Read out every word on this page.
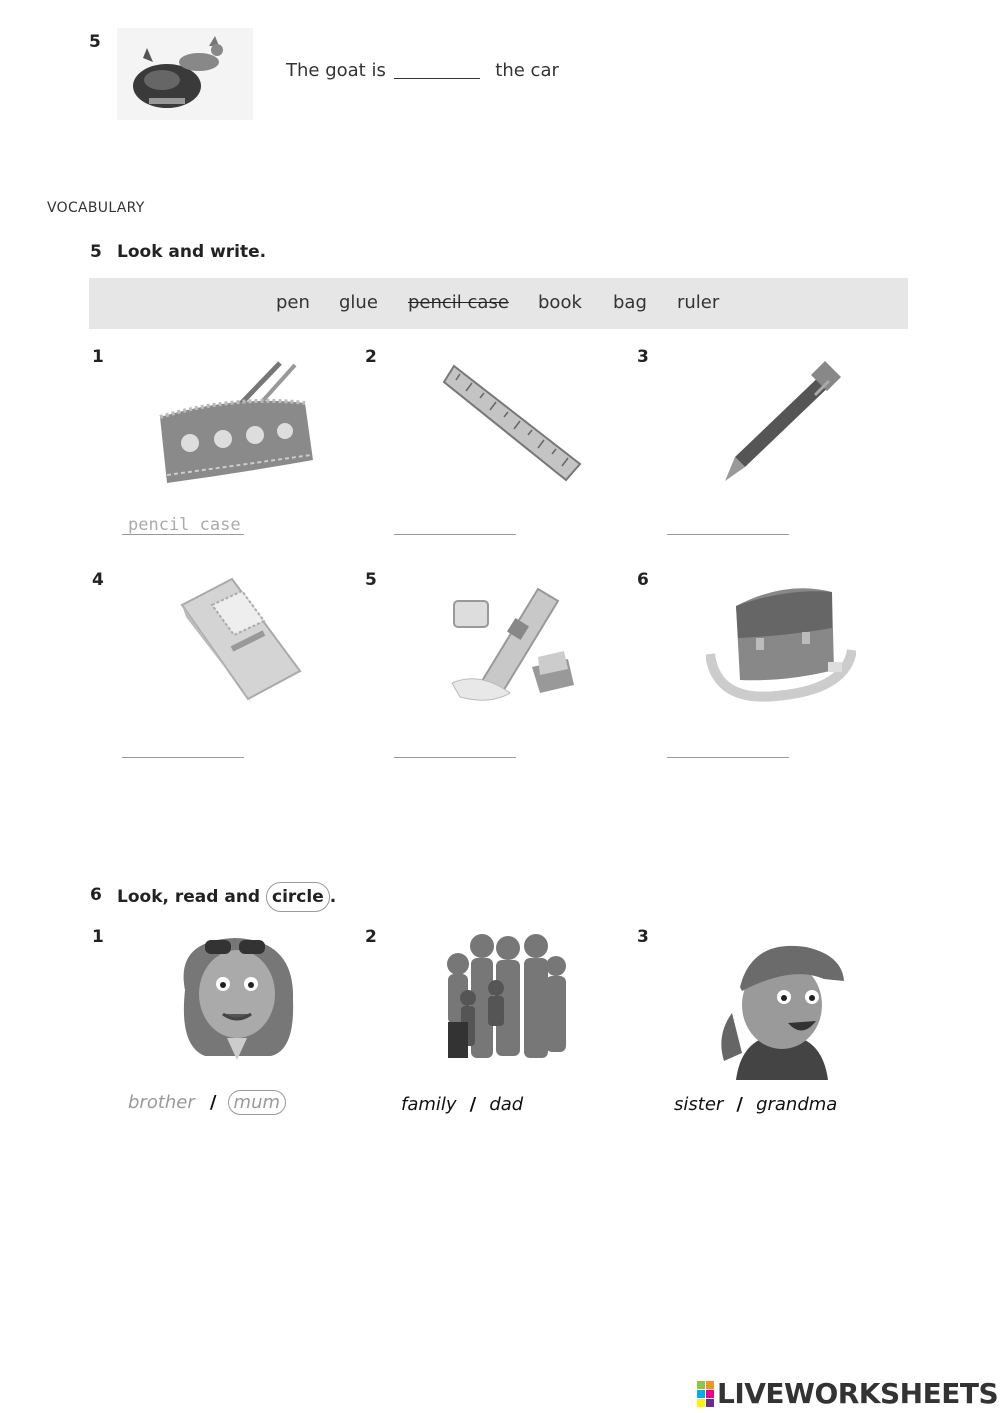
5
The goat is	the car
VOCABULARY
5 Look and write.
pen glue pencil case book bag ruler
1
pencil case
2	3
4	5	6
6 Look, read and circle .
1
brother / mum
2
family / dad
3
sister / grandma
LIVEWORKSHEETS
